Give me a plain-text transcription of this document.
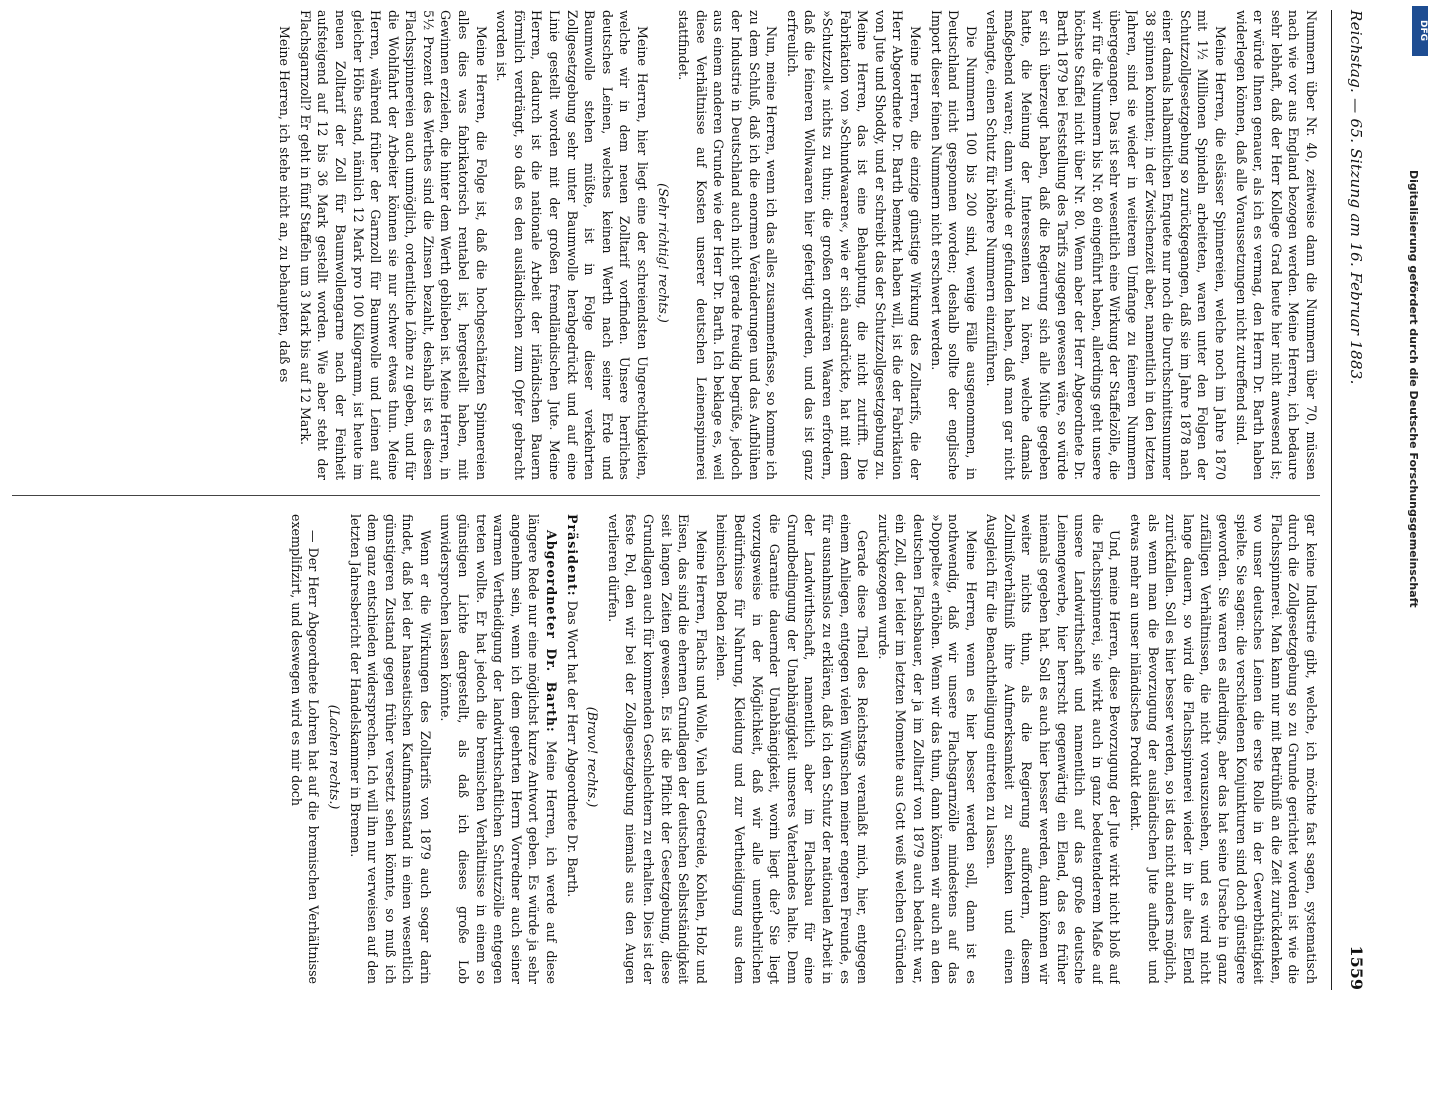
Reichstag. — 65. Sitzung am 16. Februar 1883.
1559

Nummern über Nr. 40, zeitweise dann die Nummern über 70, müssen nach wie vor aus England bezogen werden. Meine Herren, ich bedaure sehr lebhaft, daß der Herr Kollege Grad heute hier nicht anwesend ist; er würde Ihnen genauer, als ich es vermag, den Herrn Dr. Barth haben widerlegen können, daß alle Voraussetzungen nicht zutreffend sind.

Meine Herren, die elsässer Spinnereien, welche noch im Jahre 1870 mit 1½ Millionen Spindeln arbeiteten, waren unter den Folgen der Schutzzollgesetzgebung so zurückgegangen, daß sie im Jahre 1878 nach einer damals halbamtlichen Enquete nur noch die Durchschnittsnummer 38 spinnen konnten; in der Zwischenzeit aber, namentlich in den letzten Jahren, sind sie wieder in weiterem Umfange zu feineren Nummern übergegangen. Das ist sehr wesentlich eine Wirkung der Staffelzölle, die wir für die Nummern bis Nr. 80 eingeführt haben, allerdings geht unsere höchste Staffel nicht über Nr. 80. Wenn aber der Herr Abgeordnete Dr. Barth 1879 bei Feststellung des Tarifs zugegen gewesen wäre, so würde er sich überzeugt haben, daß die Regierung sich alle Mühe gegeben hatte, die Meinung der Interessenten zu hören, welche damals maßgebend waren; dann würde er gefunden haben, daß man gar nicht verlangte, einen Schutz für höhere Nummern einzuführen.

Die Nummern 100 bis 200 sind, wenige Fälle ausgenommen, in Deutschland nicht gesponnen worden; deshalb sollte der englische Import dieser feinen Nummern nicht erschwert werden.

Meine Herren, die einzige günstige Wirkung des Zolltarifs, die der Herr Abgeordnete Dr. Barth bemerkt haben will, ist die der Fabrikation von Jute und Shoddy, und er schreibt das der Schutzzollgesetzgebung zu. Meine Herren, das ist eine Behauptung, die nicht zutrifft. Die Fabrikation von »Schundwaaren«, wie er sich ausdrückte, hat mit dem »Schutzzoll« nichts zu thun; die großen ordinären Waaren erfordern, daß die feineren Wollwaaren hier gefertigt werden, und das ist ganz erfreulich.

Nun, meine Herren, wenn ich das alles zusammenfasse, so komme ich zu dem Schluß, daß ich die enormen Veränderungen und das Aufblühen der Industrie in Deutschland auch nicht gerade freudig begrüße, jedoch aus einem anderen Grunde wie der Herr Dr. Barth. Ich beklage es, weil diese Verhältnisse auf Kosten unserer deutschen Leinenspinnerei stattfindet.

(Sehr richtig! rechts.)

Meine Herren, hier liegt eine der schreiendsten Ungerechtigkeiten, welche wir in dem neuen Zolltarif vorfinden. Unsere herrliches deutsches Leinen, welches keinen Werth nach seiner Erde und Baumwolle stehen müßte, ist in Folge dieser verkehrten Zollgesetzgebung sehr unter Baumwolle herabgedrückt und auf eine Linie gestellt worden mit der großen fremdländischen Jute. Meine Herren, dadurch ist die nationale Arbeit der irländischen Bauern förmlich verdrängt, so daß es den ausländischen zum Opfer gebracht worden ist.

Meine Herren, die Folge ist, daß die hochgeschätzten Spinnereien alles dies was fabrikatorisch rentabel ist, hergestellt haben, mit Gewinnen erzielen, die hinter dem Werth geblieben ist. Meine Herren, in 5½ Prozent des Werthes sind die Zinsen bezahlt, deshalb ist es diesen Flachsspinnereien auch unmöglich, ordentliche Löhne zu geben, und für die Wohlfahrt der Arbeiter können sie nur schwer etwas thun. Meine Herren, während früher der Garnzoll für Baumwolle und Leinen auf gleicher Höhe stand, nämlich 12 Mark pro 100 Kilogramm, ist heute im neuen Zolltarif der Zoll für Baumwollengarne nach der Feinheit aufsteigend auf 12 bis 36 Mark gestellt worden. Wie aber steht der Flachsgarnzoll? Er geht in fünf Staffeln um 3 Mark bis auf 12 Mark.

Meine Herren, ich stehe nicht an, zu behaupten, daß es

gar keine Industrie gibt, welche, ich möchte fast sagen, systematisch durch die Zollgesetzgebung so zu Grunde gerichtet worden ist wie die Flachsspinnerei. Man kann nur mit Betrübniß an die Zeit zurückdenken, wo unser deutsches Leinen die erste Rolle in der Gewerbthätigkeit spielte. Sie sagen: die verschiedenen Konjunkturen sind doch günstigere geworden. Sie waren es allerdings, aber das hat seine Ursache in ganz zufälligen Verhältnissen, die nicht vorauszusehen, und es wird nicht lange dauern, so wird die Flachsspinnerei wieder in ihr altes Elend zurückfallen. Soll es hier besser werden, so ist das nicht anders möglich, als wenn man die Bevorzugung der ausländischen Jute aufhebt und etwas mehr an unser inländisches Produkt denkt.

Und, meine Herren, diese Bevorzugung der Jute wirkt nicht bloß auf die Flachsspinnerei, sie wirkt auch in ganz bedeutenderem Maße auf unsere Landwirthschaft und namentlich auf das große deutsche Leinengewerbe, hier herrscht gegenwärtig ein Elend, das es früher niemals gegeben hat. Soll es auch hier besser werden, dann können wir weiter nichts thun, als die Regierung auffordern, diesem Zollmißverhältniß ihre Aufmerksamkeit zu schenken und einen Ausgleich für die Benachtheiligung eintreten zu lassen.

Meine Herren, wenn es hier besser werden soll, dann ist es nothwendig, daß wir unsere Flachsgarnzölle mindestens auf das »Doppelte« erhöhen. Wenn wir das thun, dann können wir auch an den deutschen Flachsbauer, der ja im Zolltarif von 1879 auch bedacht war, ein Zoll, der leider im letzten Momente aus Gott weiß welchen Gründen zurückgezogen wurde.

Gerade diese Theil des Reichstags veranlaßt mich, hier, entgegen einem Anliegen, entgegen vielen Wünschen meiner engeren Freunde, es für ausnahmslos zu erklären, daß ich den Schutz der nationalen Arbeit in der Landwirthschaft, namentlich aber im Flachsbau für eine Grundbedingung der Unabhängigkeit unseres Vaterlandes halte. Denn die Garantie dauernder Unabhängigkeit, worin liegt die? Sie liegt vorzugsweise in der Möglichkeit, daß wir alle unentbehrlichen Bedürfnisse für Nahrung, Kleidung und zur Vertheidigung aus dem heimischen Boden ziehen.

Meine Herren, Flachs und Wolle, Vieh und Getreide, Kohlen, Holz und Eisen, das sind die ehernen Grundlagen der deutschen Selbstständigkeit seit langen Zeiten gewesen. Es ist die Pflicht der Gesetzgebung, diese Grundlagen auch für kommenden Geschlechtern zu erhalten. Dies ist der feste Pol, den wir bei der Zollgesetzgebung niemals aus den Augen verlieren dürfen.

(Bravo! rechts.)

Präsident: Das Wort hat der Herr Abgeordnete Dr. Barth.

Abgeordneter Dr. Barth: Meine Herren, ich werde auf diese längere Rede nur eine möglichst kurze Antwort geben. Es würde ja sehr angenehm sein, wenn ich dem geehrten Herrn Vorredner auch seiner warmen Vertheidigung der landwirthschaftlichen Schutzzölle entgegen treten wollte. Er hat jedoch die bremischen Verhältnisse in einem so günstigen Lichte dargestellt, als daß ich dieses große Lob unwidersprochen lassen könnte.

Wenn er die Wirkungen des Zolltarifs von 1879 auch sogar darin findet, daß bei der hanseatischen Kaufmannsstand in einen wesentlich günstigeren Zustand gegen früher versetzt sehen könnte, so muß ich dem ganz entschieden widersprechen. Ich will ihn nur verweisen auf den letzten Jahresbericht der Handelskammer in Bremen.

(Lachen rechts.)

— Der Herr Abgeordnete Lohren hat auf die bremischen Verhältnisse exemplifizirt, und deswegen wird es mir doch

Digitalisierung gefördert durch die Deutsche Forschungsgemeinschaft
DFG
